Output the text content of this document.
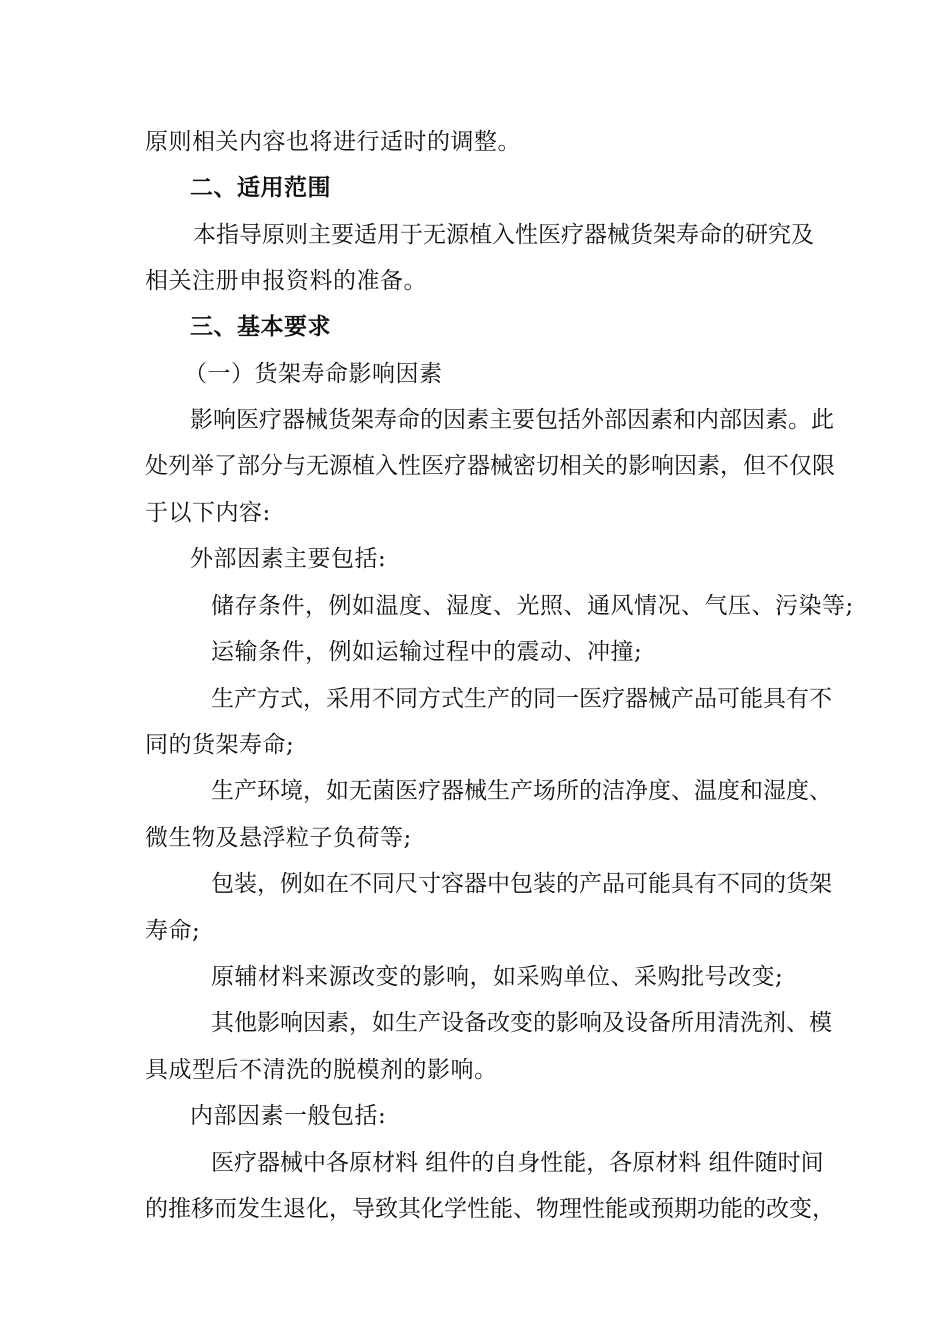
原则相关内容也将进行适时的调整。
二、适用范围
本指导原则主要适用于无源植入性医疗器械货架寿命的研究及
相关注册申报资料的准备。
三、基本要求
（一）货架寿命影响因素
影响医疗器械货架寿命的因素主要包括外部因素和内部因素。此
处列举了部分与无源植入性医疗器械密切相关的影响因素，但不仅限
于以下内容:
外部因素主要包括:
储存条件，例如温度、湿度、光照、通风情况、气压、污染等;
运输条件，例如运输过程中的震动、冲撞;
生产方式，采用不同方式生产的同一医疗器械产品可能具有不
同的货架寿命;
生产环境，如无菌医疗器械生产场所的洁净度、温度和湿度、
微生物及悬浮粒子负荷等;
包装，例如在不同尺寸容器中包装的产品可能具有不同的货架
寿命;
原辅材料来源改变的影响，如采购单位、采购批号改变;
其他影响因素，如生产设备改变的影响及设备所用清洗剂、模
具成型后不清洗的脱模剂的影响。
内部因素一般包括:
医疗器械中各原材料 组件的自身性能，各原材料 组件随时间
的推移而发生退化，导致其化学性能、物理性能或预期功能的改变，
